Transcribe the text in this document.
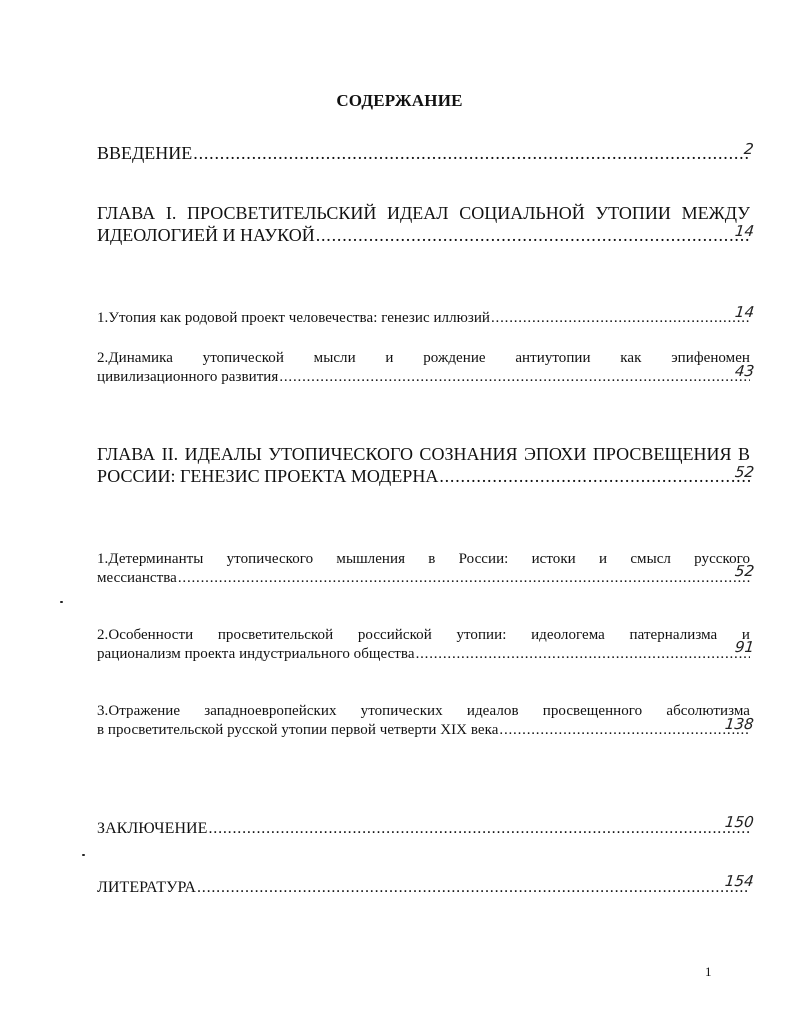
СОДЕРЖАНИЕ
ВВЕДЕНИЕ .....	2
ГЛАВА I. ПРОСВЕТИТЕЛЬСКИЙ ИДЕАЛ СОЦИАЛЬНОЙ УТОПИИ МЕЖДУ
ИДЕОЛОГИЕЙ И НАУКОЙ .....	14
1.Утопия как родовой проект человечества: генезис иллюзий .....	14
2.Динамика утопической мысли и рождение антиутопии как эпифеномен
цивилизационного развития .....	43
ГЛАВА II. ИДЕАЛЫ УТОПИЧЕСКОГО СОЗНАНИЯ ЭПОХИ ПРОСВЕЩЕНИЯ В
РОССИИ: ГЕНЕЗИС ПРОЕКТА МОДЕРНА .....	52
1.Детерминанты утопического мышления в России: истоки и смысл русского
мессианства .....	52
2.Особенности просветительской российской утопии: идеологема патернализма и
рационализм проекта индустриального общества .....	91
3.Отражение западноевропейских утопических идеалов просвещенного абсолютизма
в просветительской русской утопии первой четверти XIX века .....	138
ЗАКЛЮЧЕНИЕ .....	150
ЛИТЕРАТУРА .....	154
1
